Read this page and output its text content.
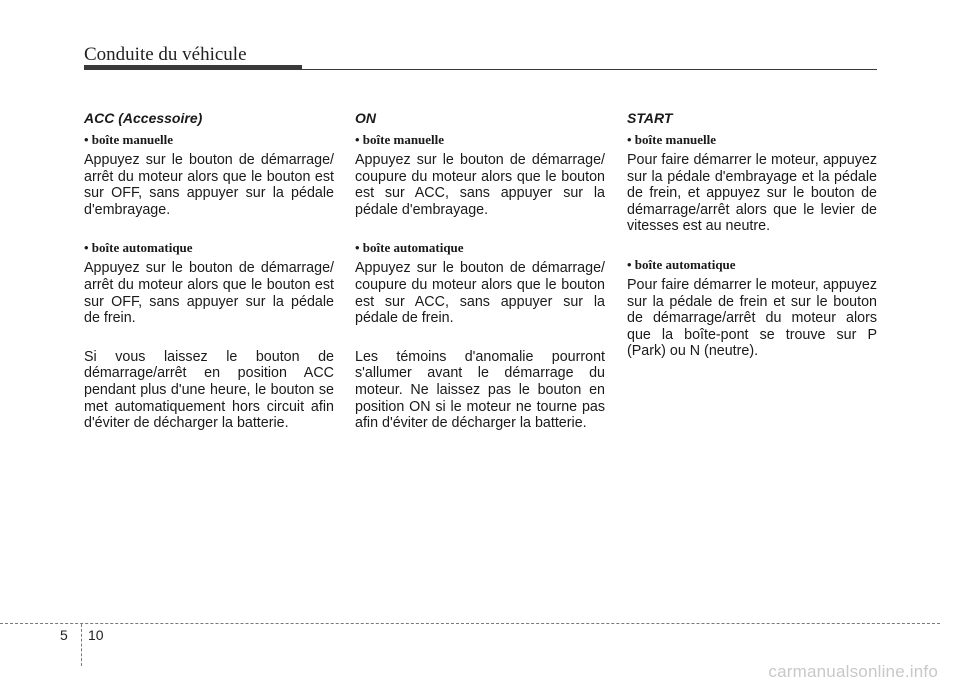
Conduite du véhicule
ACC (Accessoire)
• boîte manuelle

Appuyez sur le bouton de démarrage/ arrêt du moteur alors que le bouton est sur OFF, sans appuyer sur la pédale d'embrayage.

• boîte automatique

Appuyez sur le bouton de démarrage/ arrêt du moteur alors que le bouton est sur OFF, sans appuyer sur la pédale de frein.

Si vous laissez le bouton de démarrage/arrêt en position ACC pendant plus d'une heure, le bouton se met automatiquement hors circuit afin d'éviter de décharger la batterie.

ON
• boîte manuelle

Appuyez sur le bouton de démarrage/ coupure du moteur alors que le bouton est sur ACC, sans appuyer sur la pédale d'embrayage.

• boîte automatique

Appuyez sur le bouton de démarrage/ coupure du moteur alors que le bouton est sur ACC, sans appuyer sur la pédale de frein.

Les témoins d'anomalie pourront s'allumer avant le démarrage du moteur. Ne laissez pas le bouton en position ON si le moteur ne tourne pas afin d'éviter de décharger la batterie.

START
• boîte manuelle

Pour faire démarrer le moteur, appuyez sur la pédale d'embrayage et la pédale de frein, et appuyez sur le bouton de démarrage/arrêt alors que le levier de vitesses est au neutre.

• boîte automatique

Pour faire démarrer le moteur, appuyez sur la pédale de frein et sur le bouton de démarrage/arrêt du moteur alors que la boîte-pont se trouve sur P (Park) ou N (neutre).

5 10
carmanualsonline.info
